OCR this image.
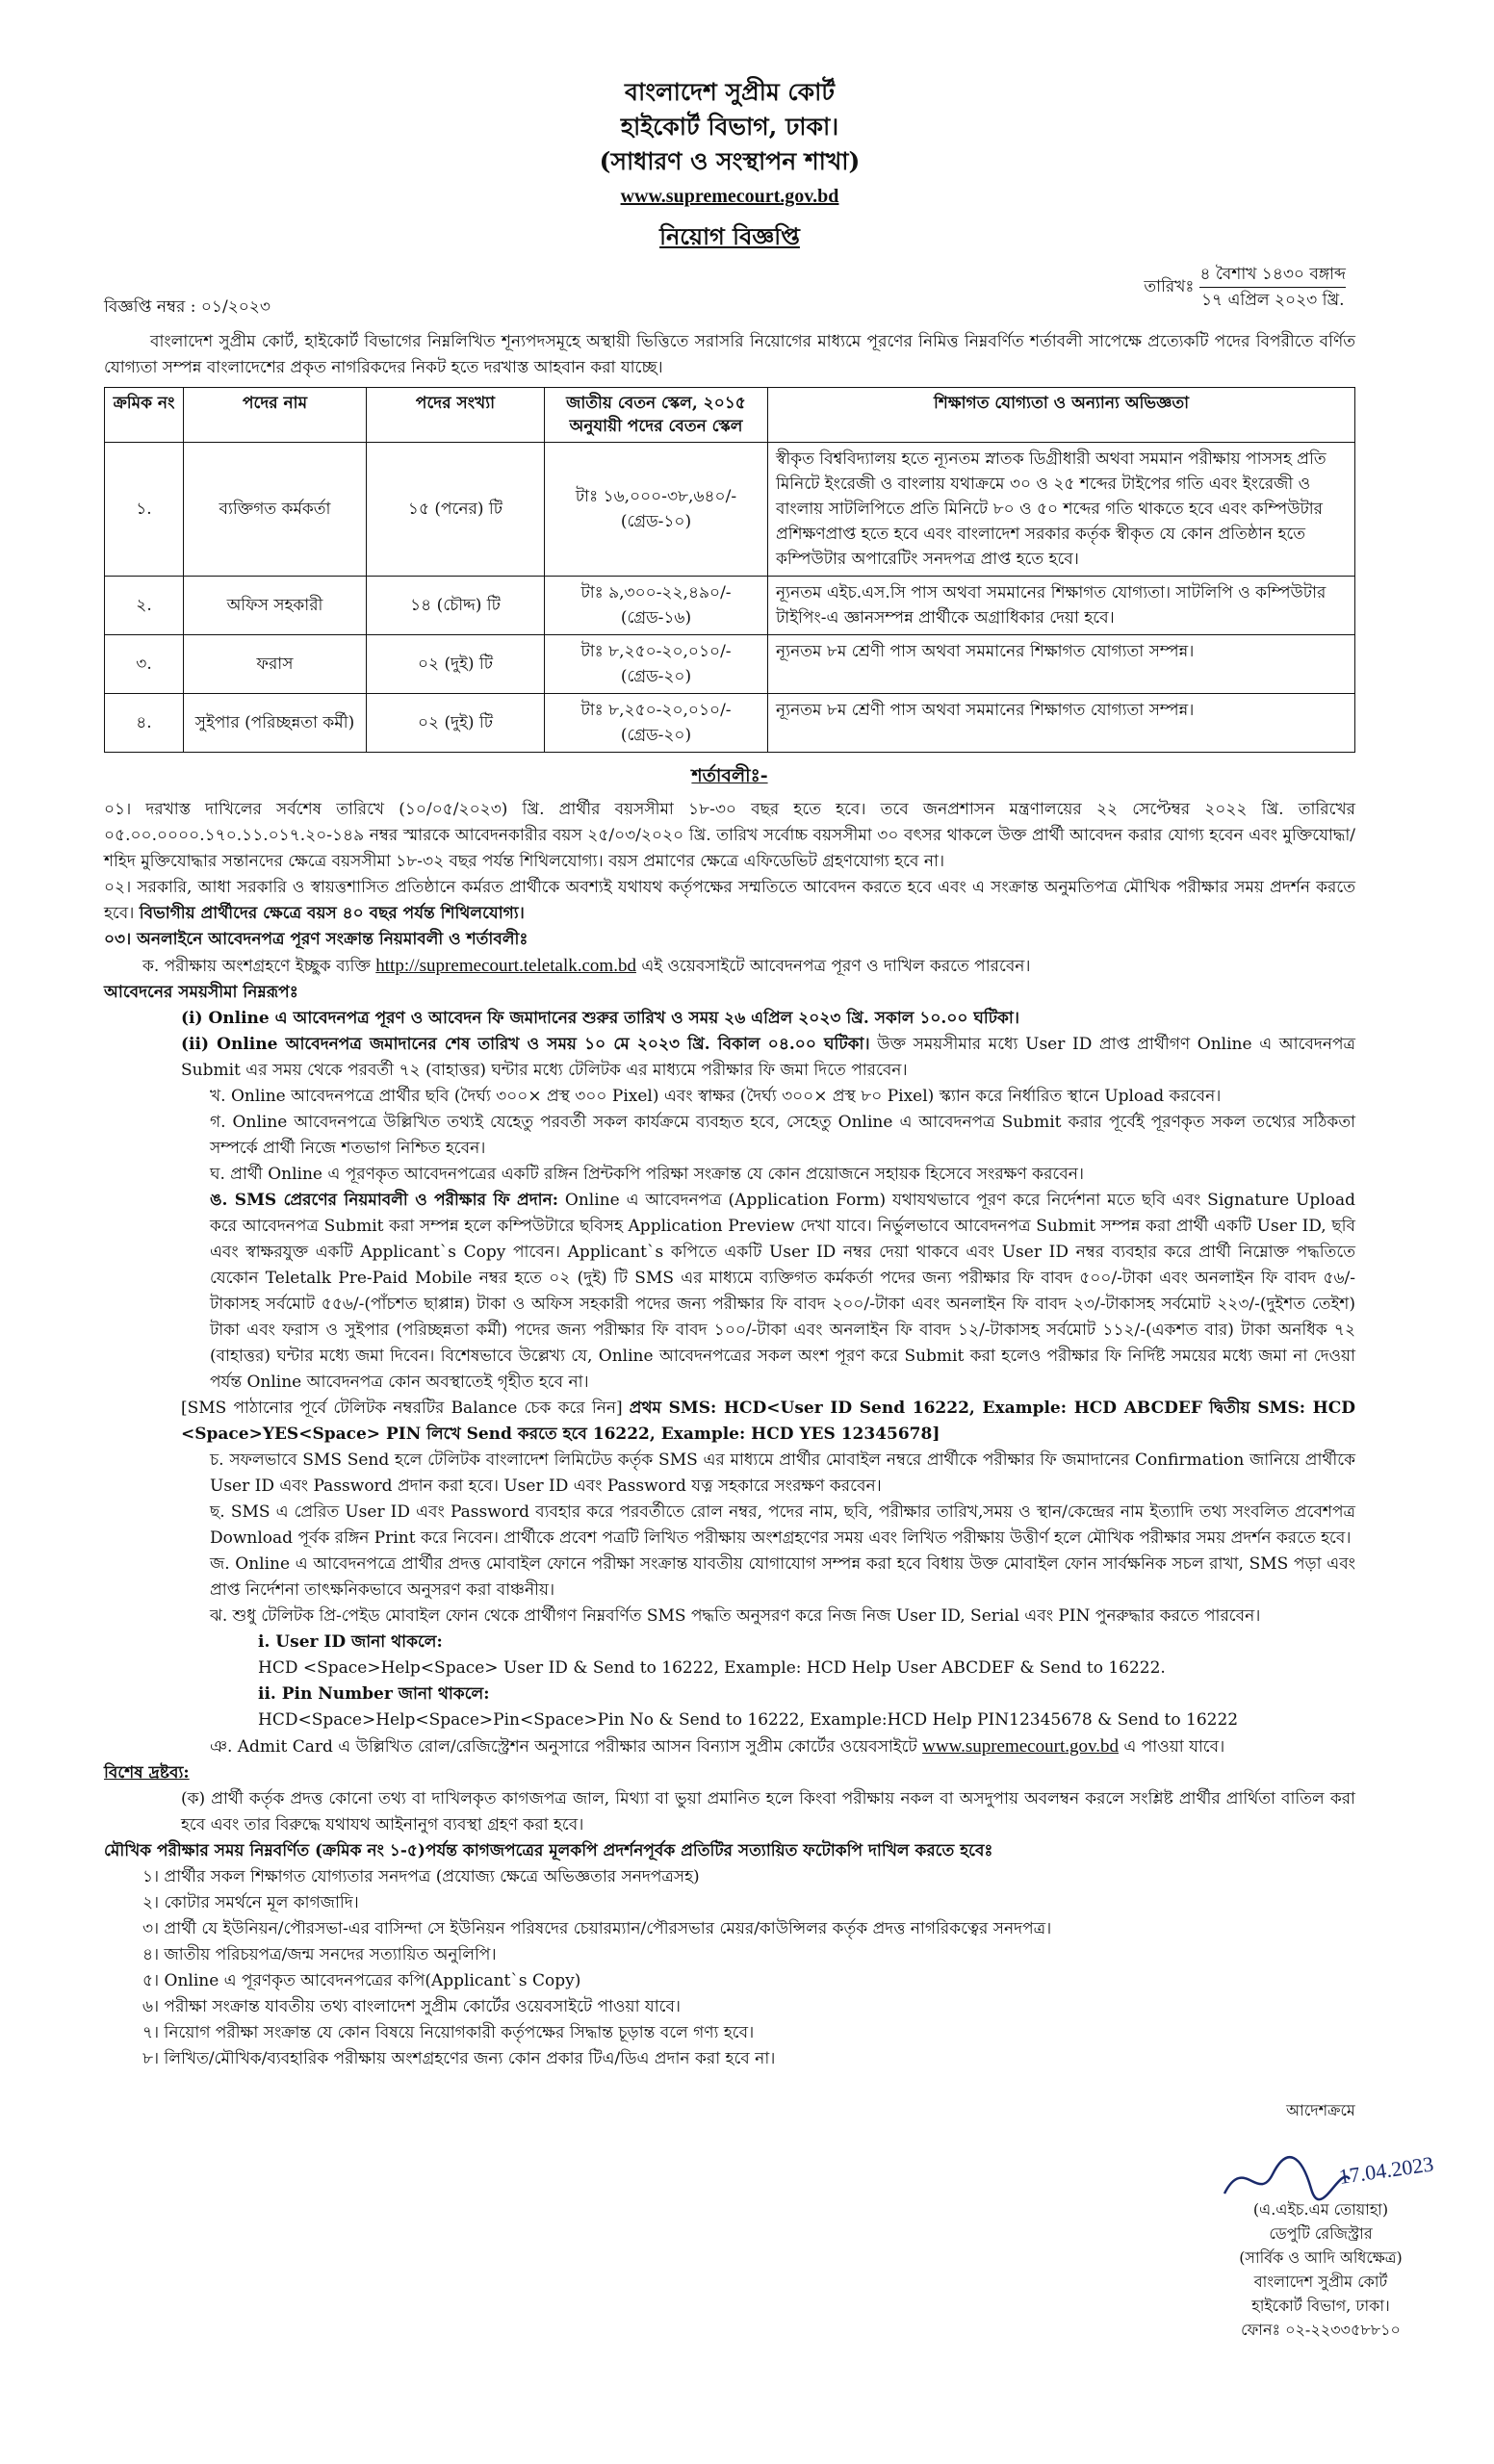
বাংলাদেশ সুপ্রীম কোর্ট
হাইকোর্ট বিভাগ, ঢাকা।
(সাধারণ ও সংস্থাপন শাখা)
www.supremecourt.gov.bd
নিয়োগ বিজ্ঞপ্তি
বিজ্ঞপ্তি নম্বর : ০১/২০২৩
তারিখঃ
৪ বৈশাখ ১৪৩০ বঙ্গাব্দ
১৭ এপ্রিল ২০২৩ খ্রি.

বাংলাদেশ সুপ্রীম কোর্ট, হাইকোর্ট বিভাগের নিম্নলিখিত শূন্যপদসমূহে অস্থায়ী ভিত্তিতে সরাসরি নিয়োগের মাধ্যমে পূরণের নিমিত্ত নিম্নবর্ণিত শর্তাবলী সাপেক্ষে প্রত্যেকটি পদের বিপরীতে বর্ণিত যোগ্যতা সম্পন্ন বাংলাদেশের প্রকৃত নাগরিকদের নিকট হতে দরখাস্ত আহবান করা যাচ্ছে।

ক্রমিক নং	পদের নাম	পদের সংখ্যা	জাতীয় বেতন স্কেল, ২০১৫ অনুযায়ী পদের বেতন স্কেল	শিক্ষাগত যোগ্যতা ও অন্যান্য অভিজ্ঞতা
১.	ব্যক্তিগত কর্মকর্তা	১৫ (পনের) টি	টাঃ ১৬,০০০-৩৮,৬৪০/- (গ্রেড-১০)	স্বীকৃত বিশ্ববিদ্যালয় হতে ন্যূনতম স্নাতক ডিগ্রীধারী অথবা সমমান পরীক্ষায় পাসসহ প্রতি মিনিটে ইংরেজী ও বাংলায় যথাক্রমে ৩০ ও ২৫ শব্দের টাইপের গতি এবং ইংরেজী ও বাংলায় সাটলিপিতে প্রতি মিনিটে ৮০ ও ৫০ শব্দের গতি থাকতে হবে এবং কম্পিউটার প্রশিক্ষণপ্রাপ্ত হতে হবে এবং বাংলাদেশ সরকার কর্তৃক স্বীকৃত যে কোন প্রতিষ্ঠান হতে কম্পিউটার অপারেটিং সনদপত্র প্রাপ্ত হতে হবে।
২.	অফিস সহকারী	১৪ (চৌদ্দ) টি	টাঃ ৯,৩০০-২২,৪৯০/- (গ্রেড-১৬)	ন্যূনতম এইচ.এস.সি পাস অথবা সমমানের শিক্ষাগত যোগ্যতা। সাটলিপি ও কম্পিউটার টাইপিং-এ জ্ঞানসম্পন্ন প্রার্থীকে অগ্রাধিকার দেয়া হবে।
৩.	ফরাস	০২ (দুই) টি	টাঃ ৮,২৫০-২০,০১০/- (গ্রেড-২০)	ন্যূনতম ৮ম শ্রেণী পাস অথবা সমমানের শিক্ষাগত যোগ্যতা সম্পন্ন।
৪.	সুইপার (পরিচ্ছন্নতা কর্মী)	০২ (দুই) টি	টাঃ ৮,২৫০-২০,০১০/- (গ্রেড-২০)	ন্যূনতম ৮ম শ্রেণী পাস অথবা সমমানের শিক্ষাগত যোগ্যতা সম্পন্ন।
শর্তাবলীঃ-

০১। দরখাস্ত দাখিলের সর্বশেষ তারিখে (১০/০৫/২০২৩) খ্রি. প্রার্থীর বয়সসীমা ১৮-৩০ বছর হতে হবে। তবে জনপ্রশাসন মন্ত্রণালয়ের ২২ সেপ্টেম্বর ২০২২ খ্রি. তারিখের ০৫.০০.০০০০.১৭০.১১.০১৭.২০-১৪৯ নম্বর স্মারকে আবেদনকারীর বয়স ২৫/০৩/২০২০ খ্রি. তারিখ সর্বোচ্চ বয়সসীমা ৩০ বৎসর থাকলে উক্ত প্রার্থী আবেদন করার যোগ্য হবেন এবং মুক্তিযোদ্ধা/শহিদ মুক্তিযোদ্ধার সন্তানদের ক্ষেত্রে বয়সসীমা ১৮-৩২ বছর পর্যন্ত শিথিলযোগ্য। বয়স প্রমাণের ক্ষেত্রে এফিডেভিট গ্রহণযোগ্য হবে না।

০২। সরকারি, আধা সরকারি ও স্বায়ত্তশাসিত প্রতিষ্ঠানে কর্মরত প্রার্থীকে অবশ্যই যথাযথ কর্তৃপক্ষের সম্মতিতে আবেদন করতে হবে এবং এ সংক্রান্ত অনুমতিপত্র মৌখিক পরীক্ষার সময় প্রদর্শন করতে হবে। বিভাগীয় প্রার্থীদের ক্ষেত্রে বয়স ৪০ বছর পর্যন্ত শিথিলযোগ্য।

০৩। অনলাইনে আবেদনপত্র পূরণ সংক্রান্ত নিয়মাবলী ও শর্তাবলীঃ

ক. পরীক্ষায় অংশগ্রহণে ইচ্ছুক ব্যক্তি http://supremecourt.teletalk.com.bd এই ওয়েবসাইটে আবেদনপত্র পূরণ ও দাখিল করতে পারবেন।

আবেদনের সময়সীমা নিম্নরূপঃ

(i) Online এ আবেদনপত্র পূরণ ও আবেদন ফি জমাদানের শুরুর তারিখ ও সময় ২৬ এপ্রিল ২০২৩ খ্রি. সকাল ১০.০০ ঘটিকা।

(ii) Online আবেদনপত্র জমাদানের শেষ তারিখ ও সময় ১০ মে ২০২৩ খ্রি. বিকাল ০৪.০০ ঘটিকা। উক্ত সময়সীমার মধ্যে User ID প্রাপ্ত প্রার্থীগণ Online এ আবেদনপত্র Submit এর সময় থেকে পরবর্তী ৭২ (বাহাত্তর) ঘন্টার মধ্যে টেলিটক এর মাধ্যমে পরীক্ষার ফি জমা দিতে পারবেন।

খ. Online আবেদনপত্রে প্রার্থীর ছবি (দৈর্ঘ্য ৩০০× প্রস্থ ৩০০ Pixel) এবং স্বাক্ষর (দৈর্ঘ্য ৩০০× প্রস্থ ৮০ Pixel) স্ক্যান করে নির্ধারিত স্থানে Upload করবেন।

গ. Online আবেদনপত্রে উল্লিখিত তথ্যই যেহেতু পরবর্তী সকল কার্যক্রমে ব্যবহৃত হবে, সেহেতু Online এ আবেদনপত্র Submit করার পূর্বেই পূরণকৃত সকল তথ্যের সঠিকতা সম্পর্কে প্রার্থী নিজে শতভাগ নিশ্চিত হবেন।

ঘ. প্রার্থী Online এ পূরণকৃত আবেদনপত্রের একটি রঙ্গিন প্রিন্টকপি পরিক্ষা সংক্রান্ত যে কোন প্রয়োজনে সহায়ক হিসেবে সংরক্ষণ করবেন।

ঙ. SMS প্রেরণের নিয়মাবলী ও পরীক্ষার ফি প্রদান: Online এ আবেদনপত্র (Application Form) যথাযথভাবে পূরণ করে নির্দেশনা মতে ছবি এবং Signature Upload করে আবেদনপত্র Submit করা সম্পন্ন হলে কম্পিউটারে ছবিসহ Application Preview দেখা যাবে। নির্ভুলভাবে আবেদনপত্র Submit সম্পন্ন করা প্রার্থী একটি User ID, ছবি এবং স্বাক্ষরযুক্ত একটি Applicant`s Copy পাবেন। Applicant`s কপিতে একটি User ID নম্বর দেয়া থাকবে এবং User ID নম্বর ব্যবহার করে প্রার্থী নিম্নোক্ত পদ্ধতিতে যেকোন Teletalk Pre-Paid Mobile নম্বর হতে ০২ (দুই) টি SMS এর মাধ্যমে ব্যক্তিগত কর্মকর্তা পদের জন্য পরীক্ষার ফি বাবদ ৫০০/-টাকা এবং অনলাইন ফি বাবদ ৫৬/-টাকাসহ সর্বমোট ৫৫৬/-(পাঁচশত ছাপ্পান্ন) টাকা ও অফিস সহকারী পদের জন্য পরীক্ষার ফি বাবদ ২০০/-টাকা এবং অনলাইন ফি বাবদ ২৩/-টাকাসহ সর্বমোট ২২৩/-(দুইশত তেইশ) টাকা এবং ফরাস ও সুইপার (পরিচ্ছন্নতা কর্মী) পদের জন্য পরীক্ষার ফি বাবদ ১০০/-টাকা এবং অনলাইন ফি বাবদ ১২/-টাকাসহ সর্বমোট ১১২/-(একশত বার) টাকা অনধিক ৭২ (বাহাত্তর) ঘন্টার মধ্যে জমা দিবেন। বিশেষভাবে উল্লেখ্য যে, Online আবেদনপত্রের সকল অংশ পূরণ করে Submit করা হলেও পরীক্ষার ফি নির্দিষ্ট সময়ের মধ্যে জমা না দেওয়া পর্যন্ত Online আবেদনপত্র কোন অবস্থাতেই গৃহীত হবে না।

[SMS পাঠানোর পূর্বে টেলিটক নম্বরটির Balance চেক করে নিন] প্রথম SMS: HCD<User ID Send 16222, Example: HCD ABCDEF দ্বিতীয় SMS: HCD <Space>YES<Space> PIN লিখে Send করতে হবে 16222, Example: HCD YES 12345678]

চ. সফলভাবে SMS Send হলে টেলিটক বাংলাদেশ লিমিটেড কর্তৃক SMS এর মাধ্যমে প্রার্থীর মোবাইল নম্বরে প্রার্থীকে পরীক্ষার ফি জমাদানের Confirmation জানিয়ে প্রার্থীকে User ID এবং Password প্রদান করা হবে। User ID এবং Password যত্ন সহকারে সংরক্ষণ করবেন।

ছ. SMS এ প্রেরিত User ID এবং Password ব্যবহার করে পরবর্তীতে রোল নম্বর, পদের নাম, ছবি, পরীক্ষার তারিখ,সময় ও স্থান/কেন্দ্রের নাম ইত্যাদি তথ্য সংবলিত প্রবেশপত্র Download পূর্বক রঙ্গিন Print করে নিবেন। প্রার্থীকে প্রবেশ পত্রটি লিখিত পরীক্ষায় অংশগ্রহণের সময় এবং লিখিত পরীক্ষায় উত্তীর্ণ হলে মৌখিক পরীক্ষার সময় প্রদর্শন করতে হবে।

জ. Online এ আবেদনপত্রে প্রার্থীর প্রদত্ত মোবাইল ফোনে পরীক্ষা সংক্রান্ত যাবতীয় যোগাযোগ সম্পন্ন করা হবে বিধায় উক্ত মোবাইল ফোন সার্বক্ষনিক সচল রাখা, SMS পড়া এবং প্রাপ্ত নির্দেশনা তাৎক্ষনিকভাবে অনুসরণ করা বাঞ্চনীয়।

ঝ. শুধু টেলিটক প্রি-পেইড মোবাইল ফোন থেকে প্রার্থীগণ নিম্নবর্ণিত SMS পদ্ধতি অনুসরণ করে নিজ নিজ User ID, Serial এবং PIN পুনরুদ্ধার করতে পারবেন।

i. User ID জানা থাকলে:

HCD <Space>Help<Space> User ID & Send to 16222, Example: HCD Help User ABCDEF & Send to 16222.

ii. Pin Number জানা থাকলে:

HCD<Space>Help<Space>Pin<Space>Pin No & Send to 16222, Example:HCD Help PIN12345678 & Send to 16222

ঞ. Admit Card এ উল্লিখিত রোল/রেজিস্ট্রেশন অনুসারে পরীক্ষার আসন বিন্যাস সুপ্রীম কোর্টের ওয়েবসাইটে www.supremecourt.gov.bd এ পাওয়া যাবে।

বিশেষ দ্রষ্টব্য:

(ক) প্রার্থী কর্তৃক প্রদত্ত কোনো তথ্য বা দাখিলকৃত কাগজপত্র জাল, মিথ্যা বা ভুয়া প্রমানিত হলে কিংবা পরীক্ষায় নকল বা অসদুপায় অবলম্বন করলে সংশ্লিষ্ট প্রার্থীর প্রার্থিতা বাতিল করা হবে এবং তার বিরুদ্ধে যথাযথ আইনানুগ ব্যবস্থা গ্রহণ করা হবে।

মৌখিক পরীক্ষার সময় নিম্নবর্ণিত (ক্রমিক নং ১-৫)পর্যন্ত কাগজপত্রের মূলকপি প্রদর্শনপূর্বক প্রতিটির সত্যায়িত ফটোকপি দাখিল করতে হবেঃ

১। প্রার্থীর সকল শিক্ষাগত যোগ্যতার সনদপত্র (প্রযোজ্য ক্ষেত্রে অভিজ্ঞতার সনদপত্রসহ)

২। কোটার সমর্থনে মূল কাগজাদি।

৩। প্রার্থী যে ইউনিয়ন/পৌরসভা-এর বাসিন্দা সে ইউনিয়ন পরিষদের চেয়ারম্যান/পৌরসভার মেয়র/কাউন্সিলর কর্তৃক প্রদত্ত নাগরিকত্বের সনদপত্র।

৪। জাতীয় পরিচয়পত্র/জন্ম সনদের সত্যায়িত অনুলিপি।

৫। Online এ পূরণকৃত আবেদনপত্রের কপি(Applicant`s Copy)

৬। পরীক্ষা সংক্রান্ত যাবতীয় তথ্য বাংলাদেশ সুপ্রীম কোর্টের ওয়েবসাইটে পাওয়া যাবে।

৭। নিয়োগ পরীক্ষা সংক্রান্ত যে কোন বিষয়ে নিয়োগকারী কর্তৃপক্ষের সিদ্ধান্ত চূড়ান্ত বলে গণ্য হবে।

৮। লিখিত/মৌখিক/ব্যবহারিক পরীক্ষায় অংশগ্রহণের জন্য কোন প্রকার টিএ/ডিএ প্রদান করা হবে না।

আদেশক্রমে
17.04.2023
(এ.এইচ.এম তোয়াহা)
ডেপুটি রেজিস্ট্রার
(সার্বিক ও আদি অধিক্ষেত্র)
বাংলাদেশ সুপ্রীম কোর্ট
হাইকোর্ট বিভাগ, ঢাকা।
ফোনঃ ০২-২২৩৩৫৮৮১০
